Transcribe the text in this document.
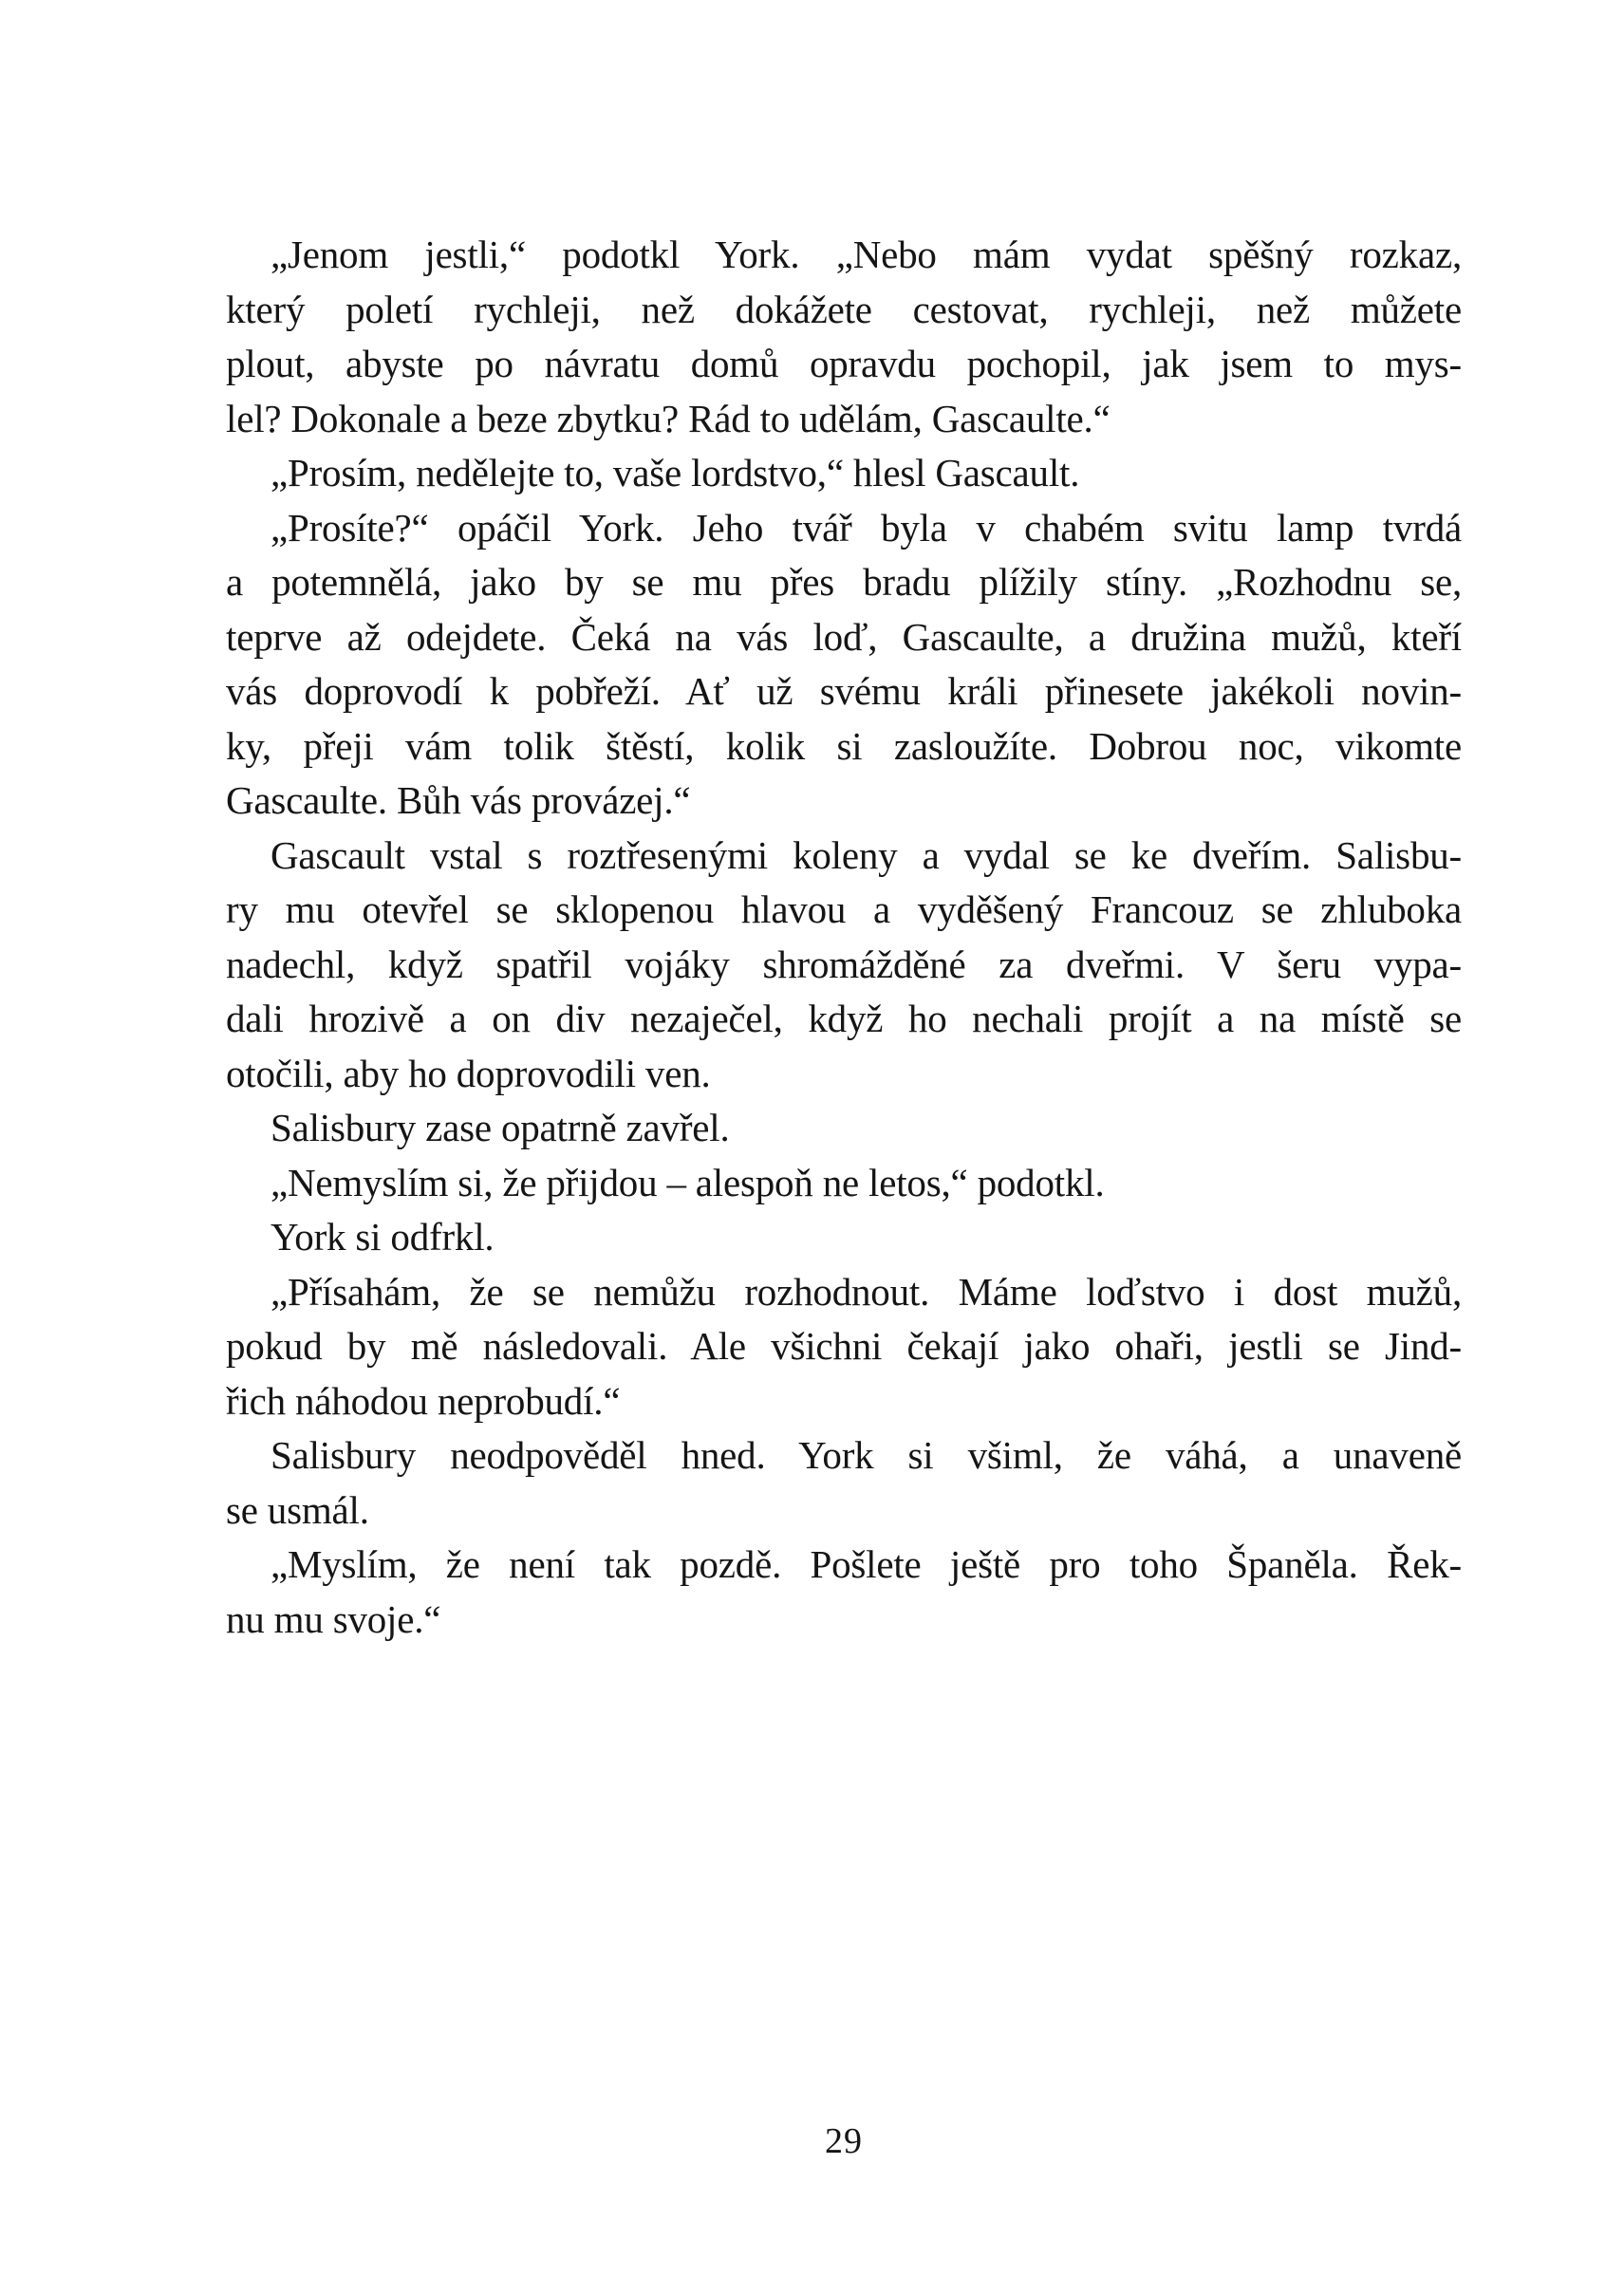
„Jenom jestli,“ podotkl York. „Nebo mám vydat spěšný rozkaz,
který poletí rychleji, než dokážete cestovat, rychleji, než můžete
plout, abyste po návratu domů opravdu pochopil, jak jsem to mys-
lel? Dokonale a beze zbytku? Rád to udělám, Gascaulte.“
„Prosím, nedělejte to, vaše lordstvo,“ hlesl Gascault.
„Prosíte?“ opáčil York. Jeho tvář byla v chabém svitu lamp tvrdá
a potemnělá, jako by se mu přes bradu plížily stíny. „Rozhodnu se,
teprve až odejdete. Čeká na vás loď, Gascaulte, a družina mužů, kteří
vás doprovodí k pobřeží. Ať už svému králi přinesete jakékoli novin-
ky, přeji vám tolik štěstí, kolik si zasloužíte. Dobrou noc, vikomte
Gascaulte. Bůh vás provázej.“
Gascault vstal s roztřesenými koleny a vydal se ke dveřím. Salisbu-
ry mu otevřel se sklopenou hlavou a vyděšený Francouz se zhluboka
nadechl, když spatřil vojáky shromážděné za dveřmi. V šeru vypa-
dali hrozivě a on div nezaječel, když ho nechali projít a na místě se
otočili, aby ho doprovodili ven.
Salisbury zase opatrně zavřel.
„Nemyslím si, že přijdou – alespoň ne letos,“ podotkl.
York si odfrkl.
„Přísahám, že se nemůžu rozhodnout. Máme loďstvo i dost mužů,
pokud by mě následovali. Ale všichni čekají jako ohaři, jestli se Jind-
řich náhodou neprobudí.“
Salisbury neodpověděl hned. York si všiml, že váhá, a unaveně
se usmál.
„Myslím, že není tak pozdě. Pošlete ještě pro toho Španěla. Řek-
nu mu svoje.“
29
